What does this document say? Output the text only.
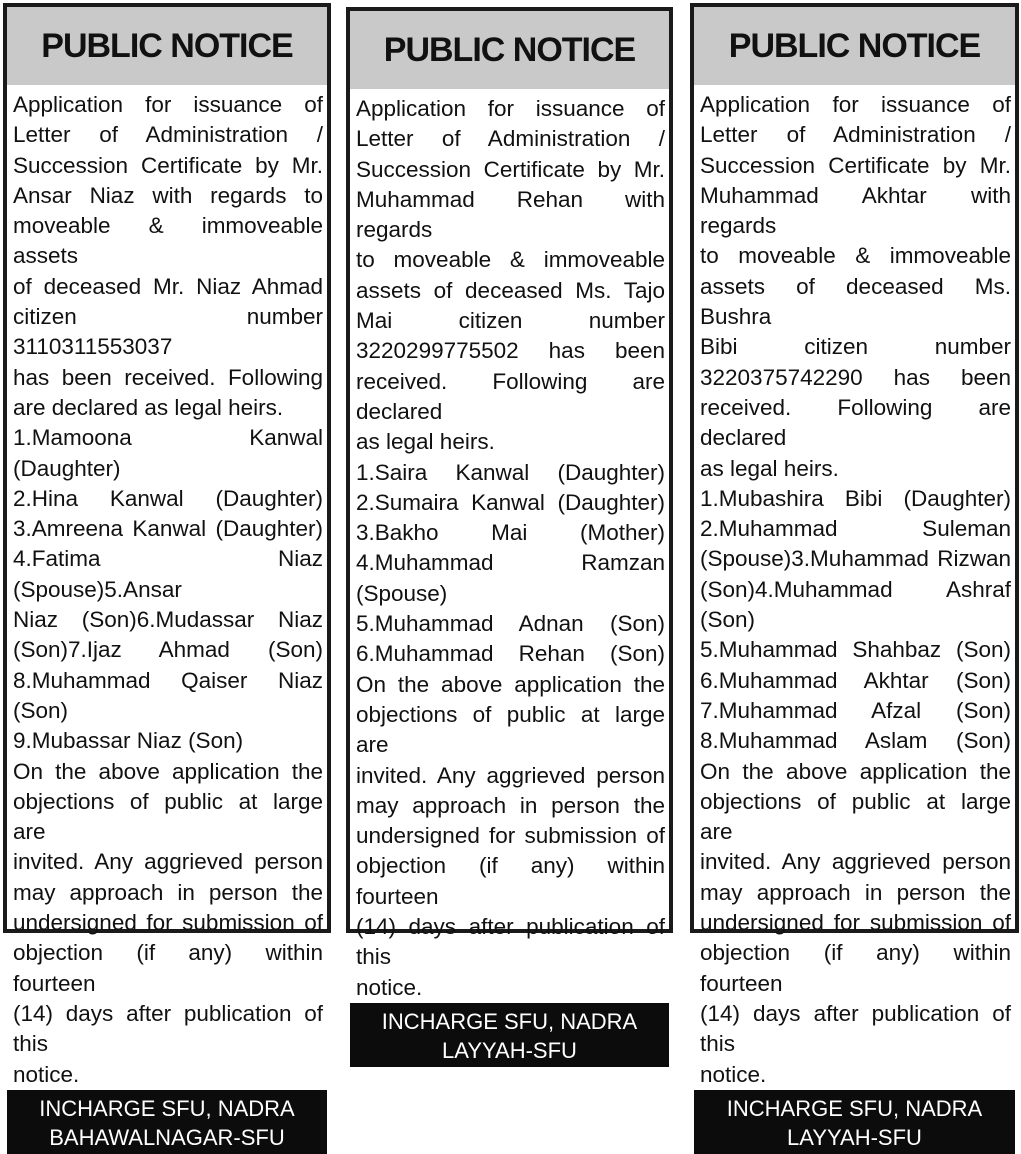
PUBLIC NOTICE

Application for issuance of

Letter of Administration /

Succession Certificate by Mr.

Ansar Niaz with regards to

moveable & immoveable assets

of deceased Mr. Niaz Ahmad

citizen number 3110311553037

has been received. Following

are declared as legal heirs.

1.Mamoona Kanwal (Daughter)

2.Hina Kanwal (Daughter)

3.Amreena Kanwal (Daughter)

4.Fatima Niaz (Spouse)5.Ansar

Niaz (Son)6.Mudassar Niaz

(Son)7.Ijaz Ahmad (Son)

8.Muhammad Qaiser Niaz (Son)

9.Mubassar Niaz (Son)

On the above application the

objections of public at large are

invited. Any aggrieved person

may approach in person the

undersigned for submission of

objection (if any) within fourteen

(14) days after publication of this

notice.

INCHARGE SFU, NADRA
BAHAWALNAGAR-SFU
PUBLIC NOTICE

Application for issuance of

Letter of Administration /

Succession Certificate by Mr.

Muhammad Rehan with regards

to moveable & immoveable

assets of deceased Ms. Tajo

Mai citizen number

3220299775502 has been

received. Following are declared

as legal heirs.

1.Saira Kanwal (Daughter)

2.Sumaira Kanwal (Daughter)

3.Bakho Mai (Mother)

4.Muhammad Ramzan (Spouse)

5.Muhammad Adnan (Son)

6.Muhammad Rehan (Son)

On the above application the

objections of public at large are

invited. Any aggrieved person

may approach in person the

undersigned for submission of

objection (if any) within fourteen

(14) days after publication of this

notice.

INCHARGE SFU, NADRA
LAYYAH-SFU
PUBLIC NOTICE

Application for issuance of

Letter of Administration /

Succession Certificate by Mr.

Muhammad Akhtar with regards

to moveable & immoveable

assets of deceased Ms. Bushra

Bibi citizen number

3220375742290 has been

received. Following are declared

as legal heirs.

1.Mubashira Bibi (Daughter)

2.Muhammad Suleman

(Spouse)3.Muhammad Rizwan

(Son)4.Muhammad Ashraf (Son)

5.Muhammad Shahbaz (Son)

6.Muhammad Akhtar (Son)

7.Muhammad Afzal (Son)

8.Muhammad Aslam (Son)

On the above application the

objections of public at large are

invited. Any aggrieved person

may approach in person the

undersigned for submission of

objection (if any) within fourteen

(14) days after publication of this

notice.

INCHARGE SFU, NADRA
LAYYAH-SFU
